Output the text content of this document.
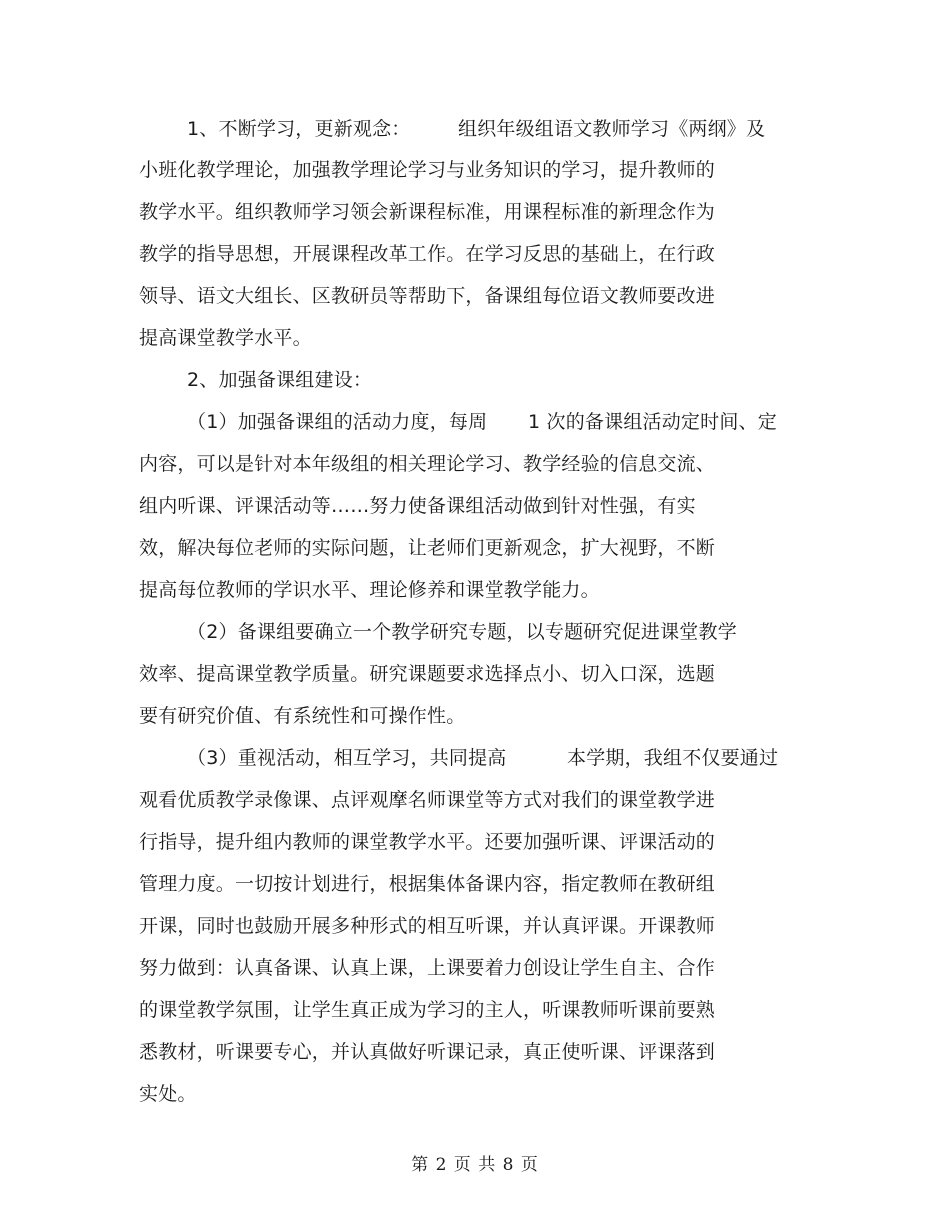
1、不断学习，更新观念：	组织年级组语文教师学习《两纲》及
小班化教学理论，加强教学理论学习与业务知识的学习，提升教师的
教学水平。组织教师学习领会新课程标准，用课程标准的新理念作为
教学的指导思想，开展课程改革工作。在学习反思的基础上，在行政
领导、语文大组长、区教研员等帮助下，备课组每位语文教师要改进
提高课堂教学水平。
2、加强备课组建设：
（1）加强备课组的活动力度，每周 1 次的备课组活动定时间、定
内容，可以是针对本年级组的相关理论学习、教学经验的信息交流、
组内听课、评课活动等……努力使备课组活动做到针对性强，有实
效，解决每位老师的实际问题，让老师们更新观念，扩大视野，不断
提高每位教师的学识水平、理论修养和课堂教学能力。
（2）备课组要确立一个教学研究专题，以专题研究促进课堂教学
效率、提高课堂教学质量。研究课题要求选择点小、切入口深，选题
要有研究价值、有系统性和可操作性。
（3）重视活动，相互学习，共同提高	本学期，我组不仅要通过
观看优质教学录像课、点评观摩名师课堂等方式对我们的课堂教学进
行指导，提升组内教师的课堂教学水平。还要加强听课、评课活动的
管理力度。一切按计划进行，根据集体备课内容，指定教师在教研组
开课，同时也鼓励开展多种形式的相互听课，并认真评课。开课教师
努力做到：认真备课、认真上课，上课要着力创设让学生自主、合作
的课堂教学氛围，让学生真正成为学习的主人，听课教师听课前要熟
悉教材，听课要专心，并认真做好听课记录，真正使听课、评课落到
实处。
第 2 页 共 8 页
